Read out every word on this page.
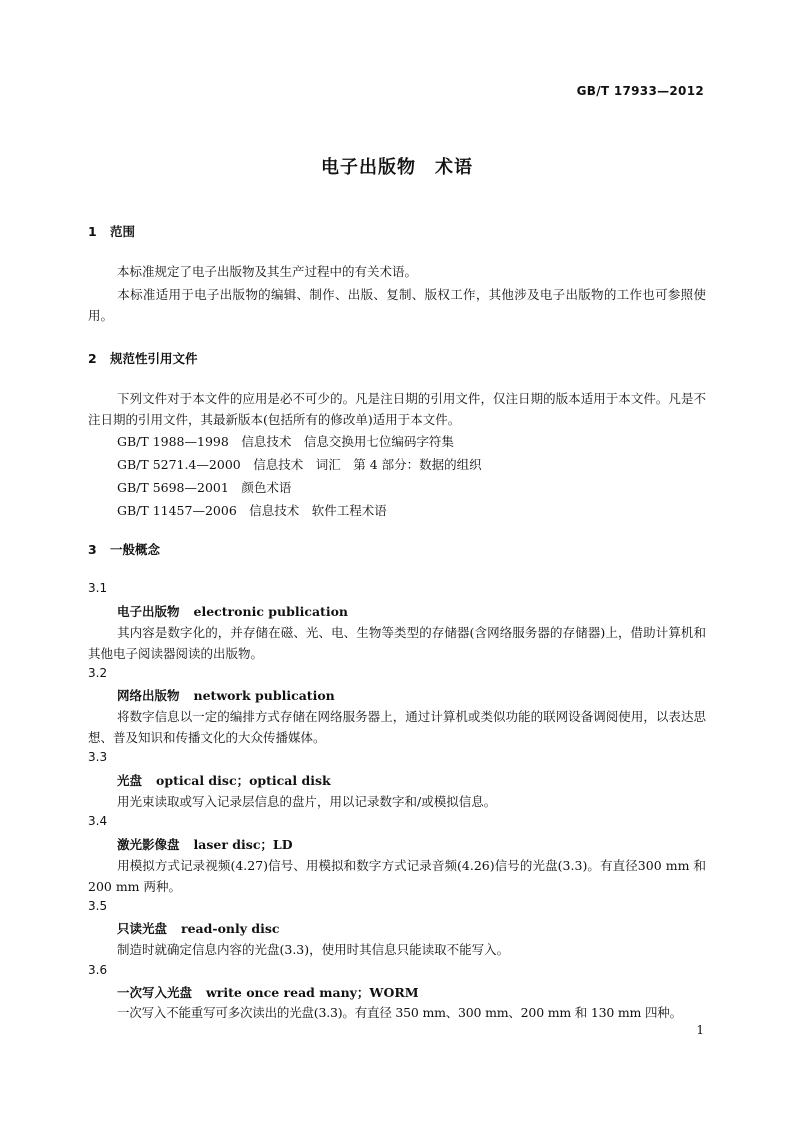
GB/T 17933—2012
电子出版物　术语
1 范围
本标准规定了电子出版物及其生产过程中的有关术语。
本标准适用于电子出版物的编辑、制作、出版、复制、版权工作，其他涉及电子出版物的工作也可参照使用。
2 规范性引用文件
下列文件对于本文件的应用是必不可少的。凡是注日期的引用文件，仅注日期的版本适用于本文件。凡是不注日期的引用文件，其最新版本(包括所有的修改单)适用于本文件。
GB/T 1988—1998　信息技术　信息交换用七位编码字符集
GB/T 5271.4—2000　信息技术　词汇　第 4 部分：数据的组织
GB/T 5698—2001　颜色术语
GB/T 11457—2006　信息技术　软件工程术语
3 一般概念
3.1
电子出版物 electronic publication
其内容是数字化的，并存储在磁、光、电、生物等类型的存储器(含网络服务器的存储器)上，借助计算机和其他电子阅读器阅读的出版物。
3.2
网络出版物 network publication
将数字信息以一定的编排方式存储在网络服务器上，通过计算机或类似功能的联网设备调阅使用，以表达思想、普及知识和传播文化的大众传播媒体。
3.3
光盘 optical disc；optical disk
用光束读取或写入记录层信息的盘片，用以记录数字和/或模拟信息。
3.4
激光影像盘 laser disc；LD
用模拟方式记录视频(4.27)信号、用模拟和数字方式记录音频(4.26)信号的光盘(3.3)。有直径300 mm 和 200 mm 两种。
3.5
只读光盘 read-only disc
制造时就确定信息内容的光盘(3.3)，使用时其信息只能读取不能写入。
3.6
一次写入光盘 write once read many；WORM
一次写入不能重写可多次读出的光盘(3.3)。有直径 350 mm、300 mm、200 mm 和 130 mm 四种。
1
